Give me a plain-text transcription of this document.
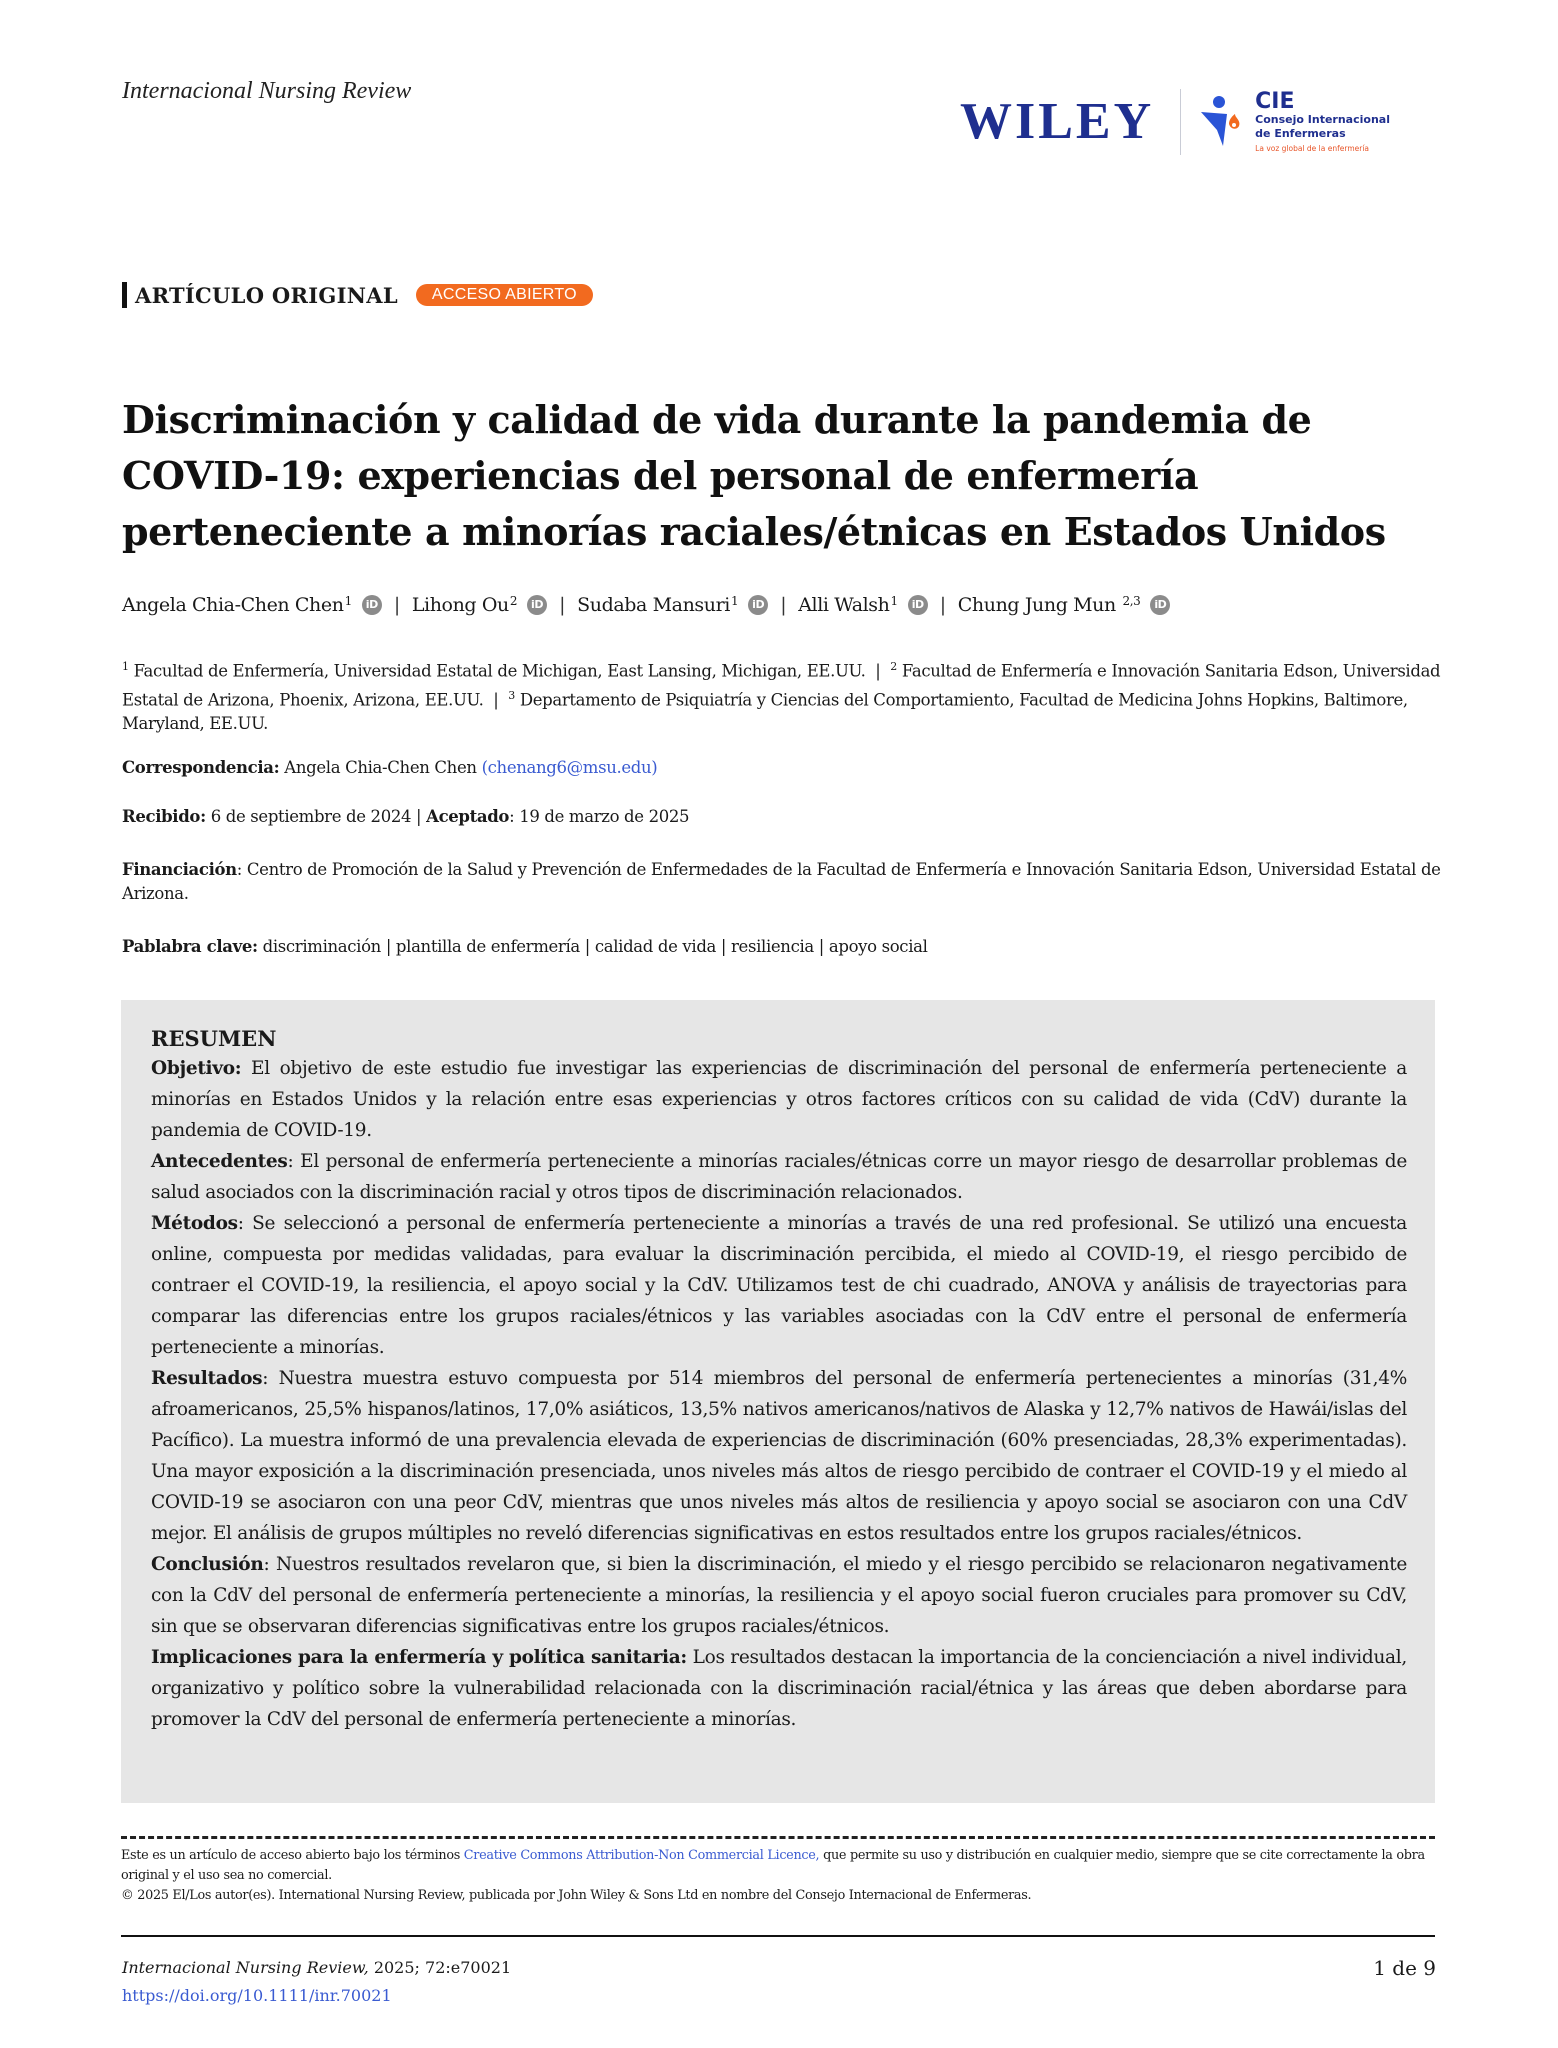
Internacional Nursing Review
WILEY	CIE
Consejo Internacional
de Enfermeras
La voz global de la enfermería
ARTÍCULO ORIGINAL	ACCESO ABIERTO
Discriminación y calidad de vida durante la pandemia de COVID-19: experiencias del personal de enfermería perteneciente a minorías raciales/étnicas en Estados Unidos
Angela Chia-Chen Chen$^1$	iD | Lihong Ou$^2$	iD | Sudaba Mansuri$^1$	iD | Alli Walsh$^1$	iD | Chung Jung Mun
$^{2,3}$	iD
$^1$ Facultad de Enfermería, Universidad Estatal de Michigan, East Lansing, Michigan, EE.UU.  |  $^2$ Facultad de Enfermería e Innovación Sanitaria Edson, Universidad Estatal de Arizona, Phoenix, Arizona, EE.UU.  |  $^3$ Departamento de Psiquiatría y Ciencias del Comportamiento, Facultad de Medicina Johns Hopkins, Baltimore, Maryland, EE.UU.
Correspondencia: Angela Chia-Chen Chen (chenang6@msu.edu)
Recibido: 6 de septiembre de 2024 | Aceptado: 19 de marzo de 2025
Financiación: Centro de Promoción de la Salud y Prevención de Enfermedades de la Facultad de Enfermería e Innovación Sanitaria Edson, Universidad Estatal de Arizona.
Pablabra clave: discriminación | plantilla de enfermería | calidad de vida | resiliencia | apoyo social
RESUMEN

Objetivo: El objetivo de este estudio fue investigar las experiencias de discriminación del personal de enfermería perteneciente a minorías en Estados Unidos y la relación entre esas experiencias y otros factores críticos con su calidad de vida (CdV) durante la pandemia de COVID-19.

Antecedentes: El personal de enfermería perteneciente a minorías raciales/étnicas corre un mayor riesgo de desarrollar problemas de salud asociados con la discriminación racial y otros tipos de discriminación relacionados.

Métodos: Se seleccionó a personal de enfermería perteneciente a minorías a través de una red profesional. Se utilizó una encuesta online, compuesta por medidas validadas, para evaluar la discriminación percibida, el miedo al COVID-19, el riesgo percibido de contraer el COVID-19, la resiliencia, el apoyo social y la CdV. Utilizamos test de chi cuadrado, ANOVA y análisis de trayectorias para comparar las diferencias entre los grupos raciales/étnicos y las variables asociadas con la CdV entre el personal de enfermería perteneciente a minorías.

Resultados: Nuestra muestra estuvo compuesta por 514 miembros del personal de enfermería pertenecientes a minorías (31,4% afroamericanos, 25,5% hispanos/latinos, 17,0% asiáticos, 13,5% nativos americanos/nativos de Alaska y 12,7% nativos de Hawái/islas del Pacífico). La muestra informó de una prevalencia elevada de experiencias de discriminación (60% presenciadas, 28,3% experimentadas). Una mayor exposición a la discriminación presenciada, unos niveles más altos de riesgo percibido de contraer el COVID-19 y el miedo al COVID-19 se asociaron con una peor CdV, mientras que unos niveles más altos de resiliencia y apoyo social se asociaron con una CdV mejor. El análisis de grupos múltiples no reveló diferencias significativas en estos resultados entre los grupos raciales/étnicos.

Conclusión: Nuestros resultados revelaron que, si bien la discriminación, el miedo y el riesgo percibido se relacionaron negativamente con la CdV del personal de enfermería perteneciente a minorías, la resiliencia y el apoyo social fueron cruciales para promover su CdV, sin que se observaran diferencias significativas entre los grupos raciales/étnicos.

Implicaciones para la enfermería y política sanitaria: Los resultados destacan la importancia de la concienciación a nivel individual, organizativo y político sobre la vulnerabilidad relacionada con la discriminación racial/étnica y las áreas que deben abordarse para promover la CdV del personal de enfermería perteneciente a minorías.

Este es un artículo de acceso abierto bajo los términos Creative Commons Attribution-Non Commercial Licence, que permite su uso y distribución en cualquier medio, siempre que se cite correctamente la obra original y el uso sea no comercial.
© 2025 El/Los autor(es). International Nursing Review, publicada por John Wiley & Sons Ltd en nombre del Consejo Internacional de Enfermeras.
Internacional Nursing Review, 2025; 72:e70021
https://doi.org/10.1111/inr.70021
1 de 9
